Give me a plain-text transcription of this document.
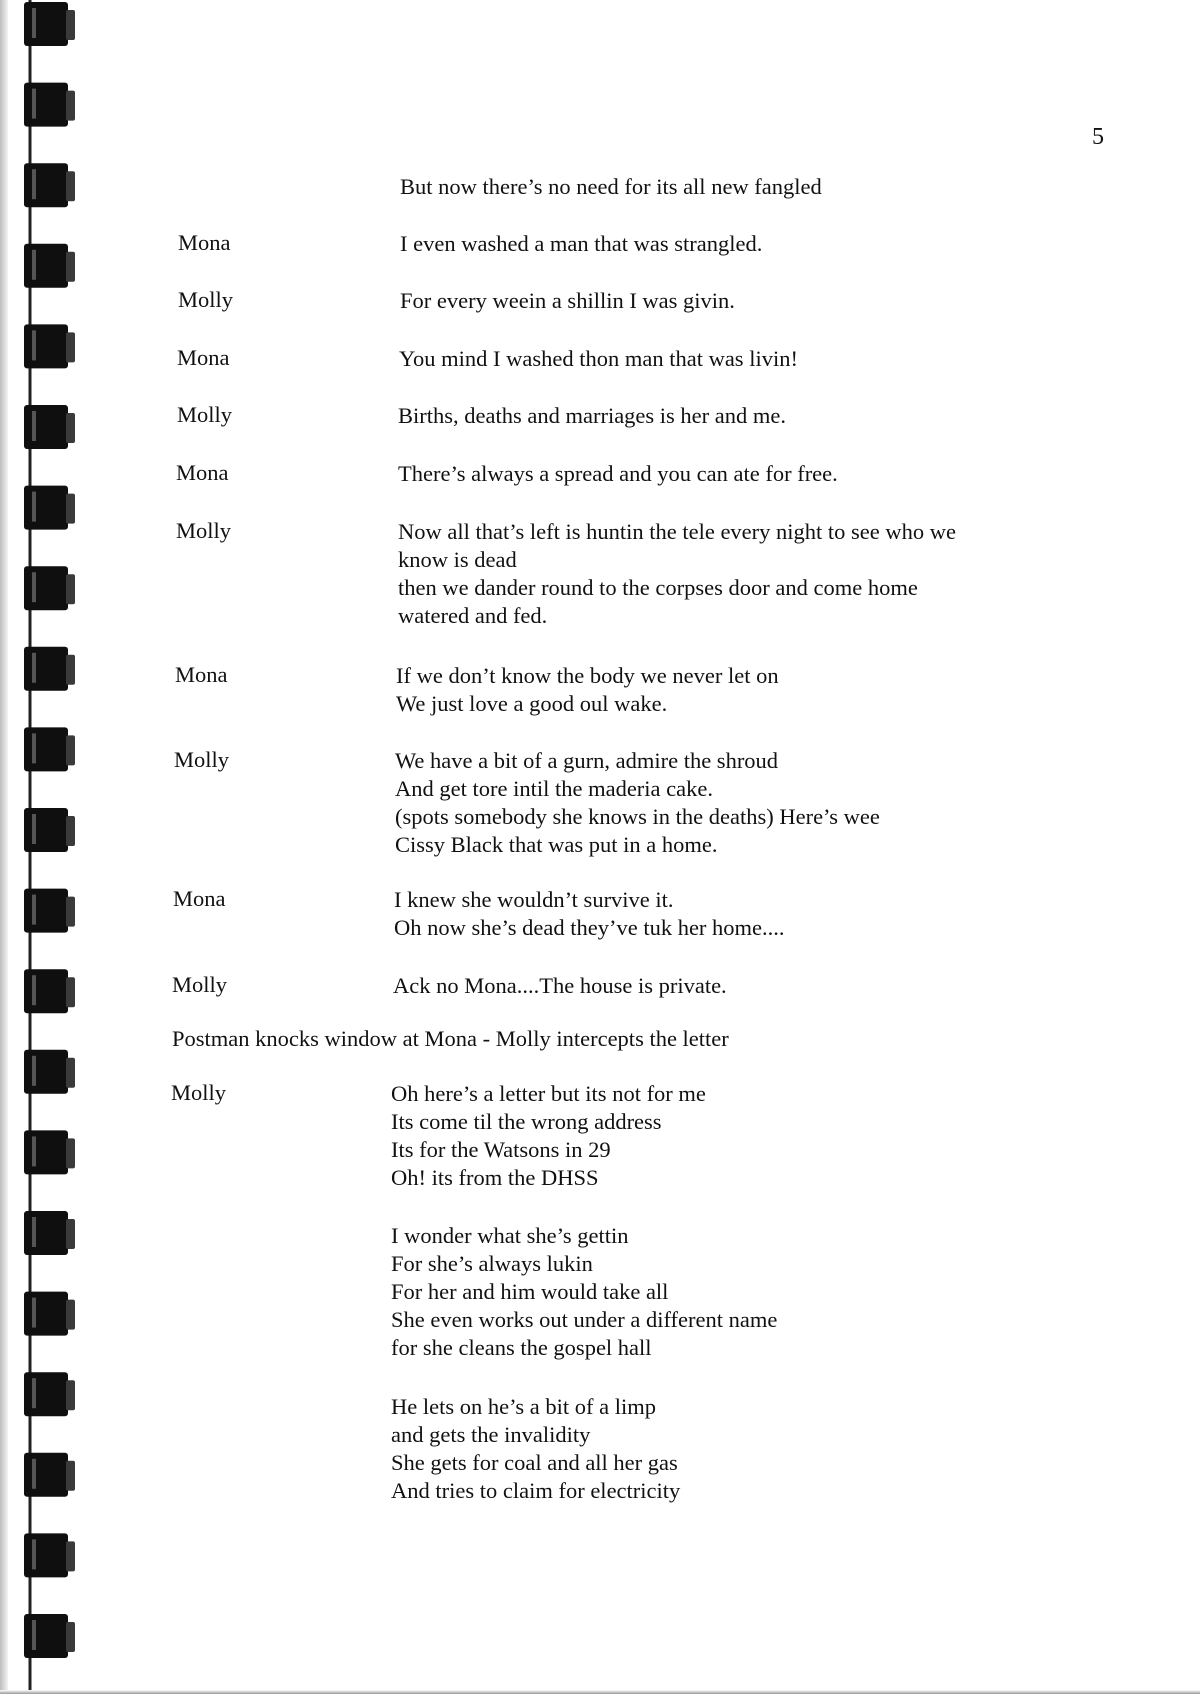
5
But now there’s no need for its all new fangled
Mona	I even washed a man that was strangled.
Molly	For every weein a shillin I was givin.
Mona	You mind I washed thon man that was livin!
Molly	Births, deaths and marriages is her and me.
Mona	There’s always a spread and you can ate for free.
Molly	Now all that’s left is huntin the tele every night to see who we
know is dead
then we dander round to the corpses door and come home
watered and fed.
Mona	If we don’t know the body we never let on
We just love a good oul wake.
Molly	We have a bit of a gurn, admire the shroud
And get tore intil the maderia cake.
(spots somebody she knows in the deaths) Here’s wee
Cissy Black that was put in a home.
Mona	I knew she wouldn’t survive it.
Oh now she’s dead they’ve tuk her home....
Molly	Ack no Mona....The house is private.
Postman knocks window at Mona - Molly intercepts the letter
Molly	Oh here’s a letter but its not for me
Its come til the wrong address
Its for the Watsons in 29
Oh! its from the DHSS
I wonder what she’s gettin
For she’s always lukin
For her and him would take all
She even works out under a different name
for she cleans the gospel hall
He lets on he’s a bit of a limp
and gets the invalidity
She gets for coal and all her gas
And tries to claim for electricity
